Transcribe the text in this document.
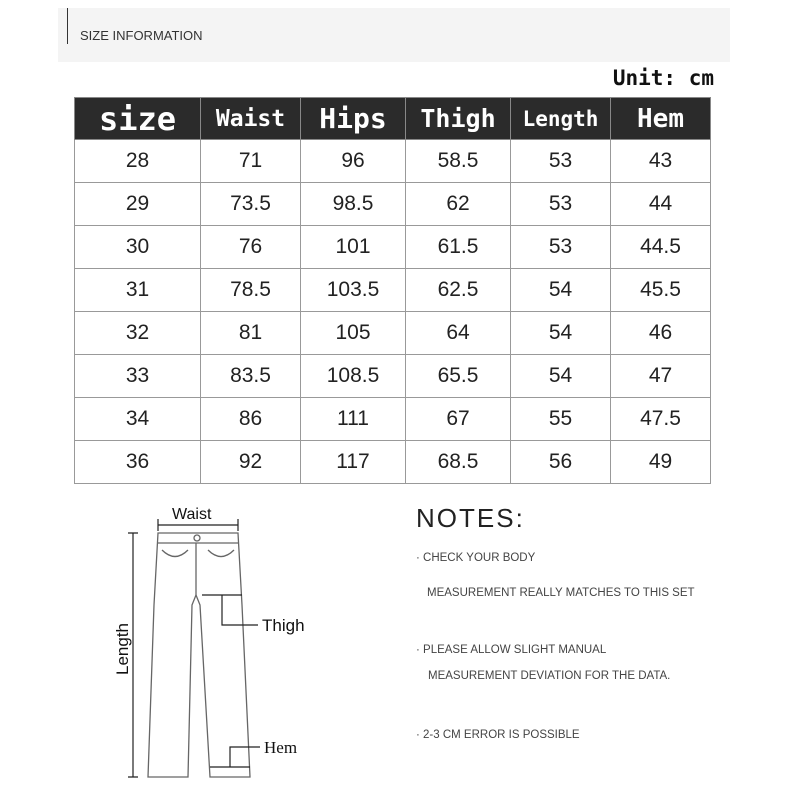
SIZE INFORMATION
Unit: cm
size	Waist	Hips	Thigh	Length	Hem
28	71	96	58.5	53	43
29	73.5	98.5	62	53	44
30	76	101	61.5	53	44.5
31	78.5	103.5	62.5	54	45.5
32	81	105	64	54	46
33	83.5	108.5	65.5	54	47
34	86	111	67	55	47.5
36	92	117	68.5	56	49
Waist
Thigh
Length
Hem
NOTES:
· CHECK YOUR BODY
MEASUREMENT REALLY MATCHES TO THIS SET
· PLEASE ALLOW SLIGHT MANUAL
MEASUREMENT DEVIATION FOR THE DATA.
· 2-3 CM ERROR IS POSSIBLE
